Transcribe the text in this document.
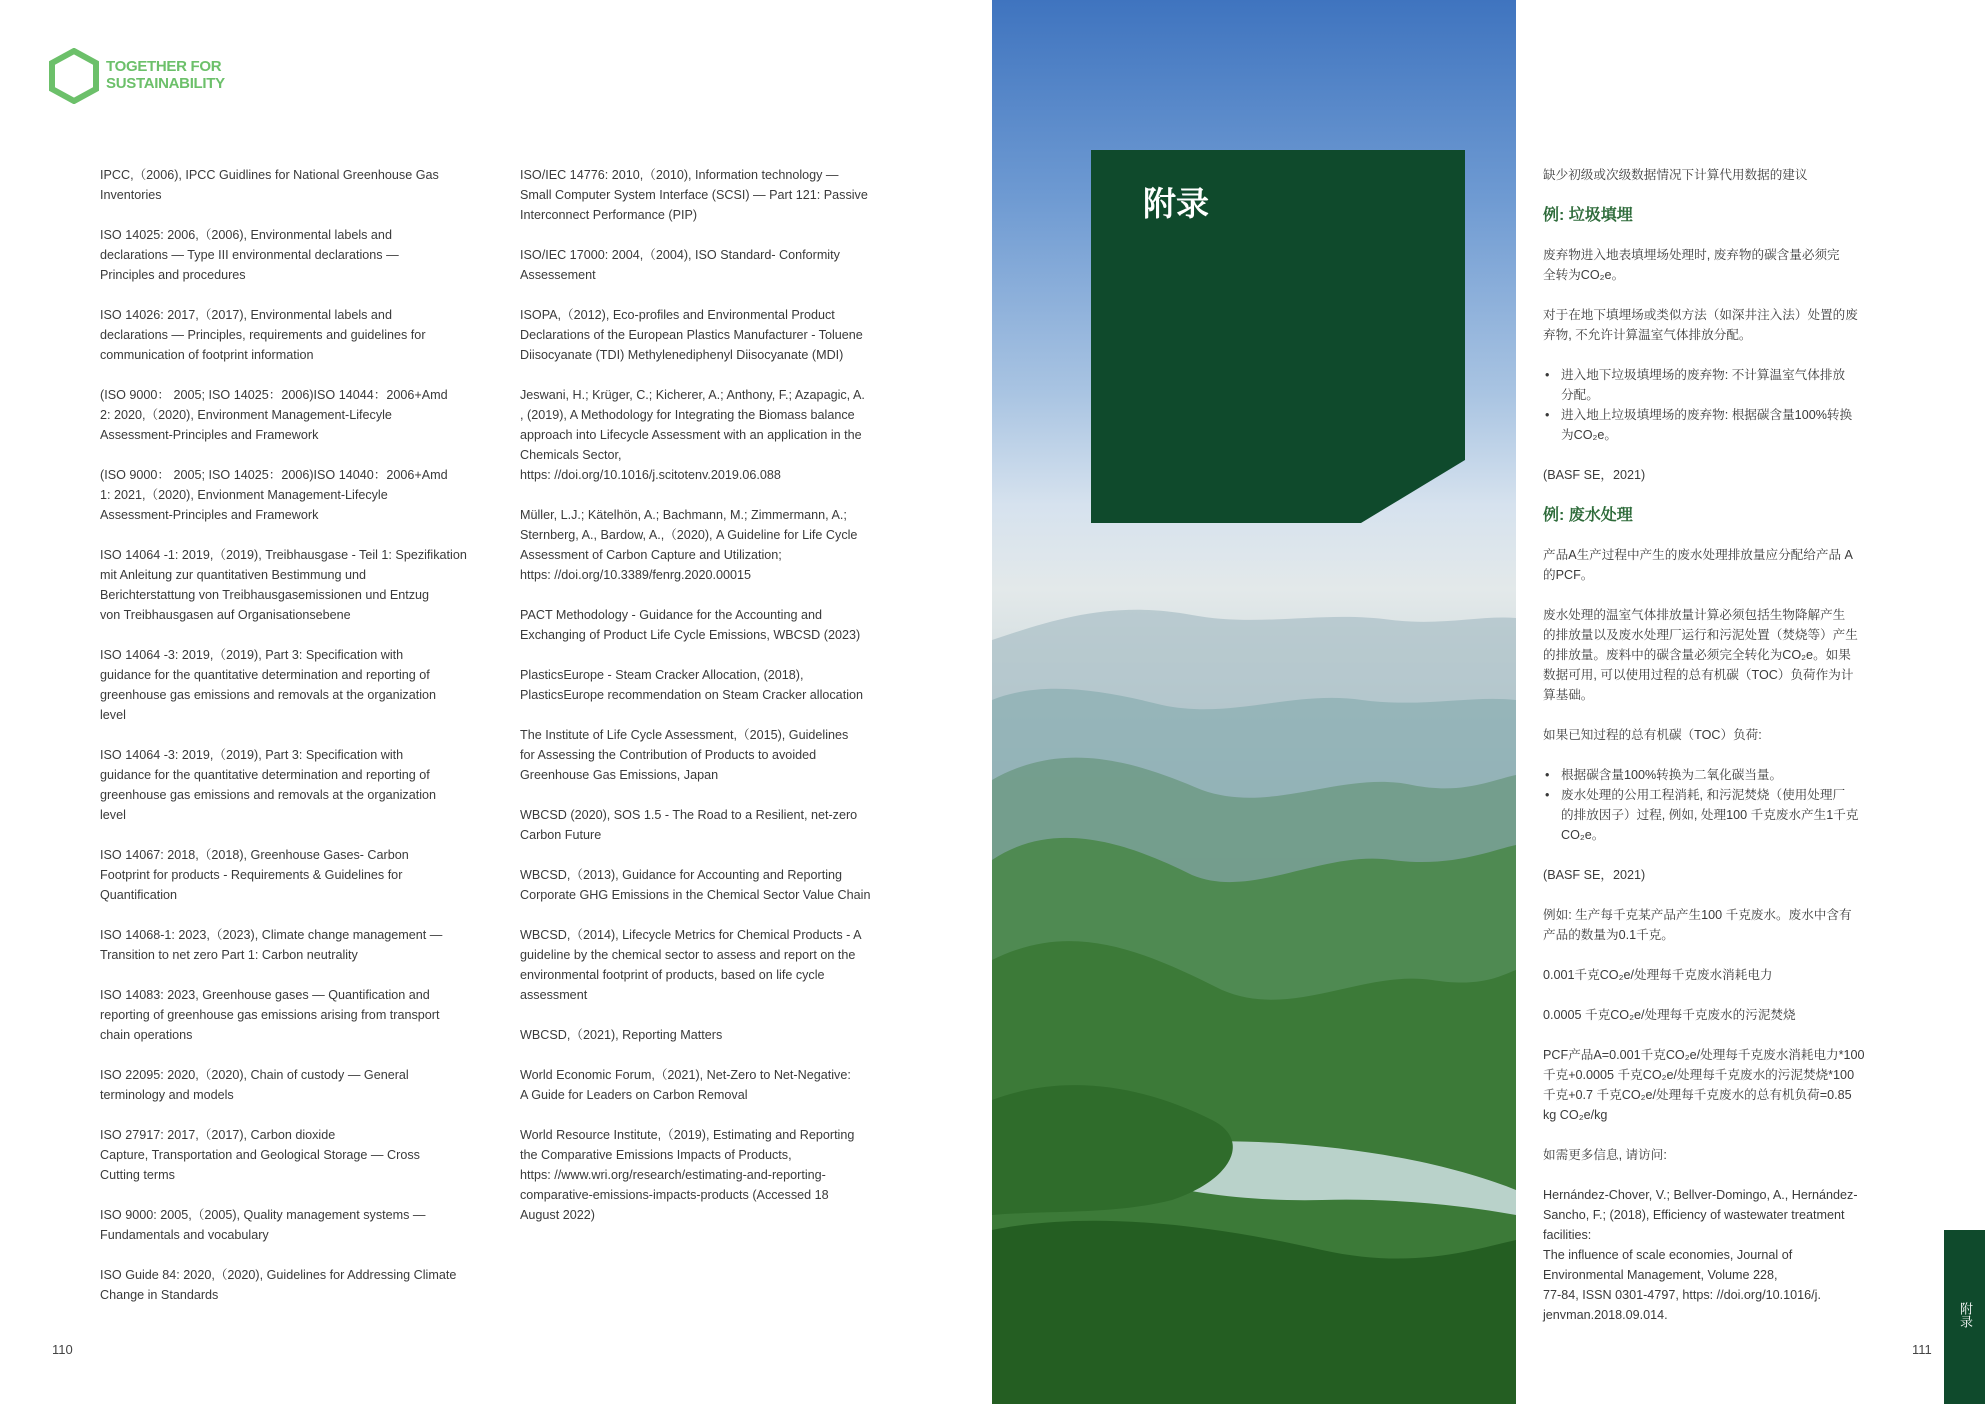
TOGETHER FOR
SUSTAINABILITY

IPCC,（2006), IPCC Guidlines for National Greenhouse Gas
Inventories

ISO 14025: 2006,（2006), Environmental labels and
declarations — Type III environmental declarations —
Principles and procedures

ISO 14026: 2017,（2017), Environmental labels and
declarations — Principles, requirements and guidelines for
communication of footprint information

(ISO 9000： 2005; ISO 14025：2006)ISO 14044：2006+Amd
2: 2020,（2020), Environment Management-Lifecyle
Assessment-Principles and Framework

(ISO 9000： 2005; ISO 14025：2006)ISO 14040：2006+Amd
1: 2021,（2020), Envionment Management-Lifecyle
Assessment-Principles and Framework

ISO 14064 -1: 2019,（2019), Treibhausgase - Teil 1: Spezifikation
mit Anleitung zur quantitativen Bestimmung und
Berichterstattung von Treibhausgasemissionen und Entzug
von Treibhausgasen auf Organisationsebene

ISO 14064 -3: 2019,（2019), Part 3: Specification with
guidance for the quantitative determination and reporting of
greenhouse gas emissions and removals at the organization
level

ISO 14064 -3: 2019,（2019), Part 3: Specification with
guidance for the quantitative determination and reporting of
greenhouse gas emissions and removals at the organization
level

ISO 14067: 2018,（2018), Greenhouse Gases- Carbon
Footprint for products - Requirements & Guidelines for
Quantification

ISO 14068-1: 2023,（2023), Climate change management —
Transition to net zero Part 1: Carbon neutrality

ISO 14083: 2023, Greenhouse gases — Quantification and
reporting of greenhouse gas emissions arising from transport
chain operations

ISO 22095: 2020,（2020), Chain of custody — General
terminology and models

ISO 27917: 2017,（2017), Carbon dioxide
Capture, Transportation and Geological Storage — Cross
Cutting terms

ISO 9000: 2005,（2005), Quality management systems —
Fundamentals and vocabulary

ISO Guide 84: 2020,（2020), Guidelines for Addressing Climate
Change in Standards

ISO/IEC 14776: 2010,（2010), Information technology —
Small Computer System Interface (SCSI) — Part 121: Passive
Interconnect Performance (PIP)

ISO/IEC 17000: 2004,（2004), ISO Standard- Conformity
Assessement

ISOPA,（2012), Eco-profiles and Environmental Product
Declarations of the European Plastics Manufacturer - Toluene
Diisocyanate (TDI) Methylenediphenyl Diisocyanate (MDI)

Jeswani, H.; Krüger, C.; Kicherer, A.; Anthony, F.; Azapagic, A.
, (2019), A Methodology for Integrating the Biomass balance
approach into Lifecycle Assessment with an application in the
Chemicals Sector,
https: //doi.org/10.1016/j.scitotenv.2019.06.088

Müller, L.J.; Kätelhön, A.; Bachmann, M.; Zimmermann, A.;
Sternberg, A., Bardow, A.,（2020), A Guideline for Life Cycle
Assessment of Carbon Capture and Utilization;
https: //doi.org/10.3389/fenrg.2020.00015

PACT Methodology - Guidance for the Accounting and
Exchanging of Product Life Cycle Emissions, WBCSD (2023)

PlasticsEurope - Steam Cracker Allocation, (2018),
PlasticsEurope recommendation on Steam Cracker allocation

The Institute of Life Cycle Assessment,（2015), Guidelines
for Assessing the Contribution of Products to avoided
Greenhouse Gas Emissions, Japan

WBCSD (2020), SOS 1.5 - The Road to a Resilient, net-zero
Carbon Future

WBCSD,（2013), Guidance for Accounting and Reporting
Corporate GHG Emissions in the Chemical Sector Value Chain

WBCSD,（2014), Lifecycle Metrics for Chemical Products - A
guideline by the chemical sector to assess and report on the
environmental footprint of products, based on life cycle
assessment

WBCSD,（2021), Reporting Matters

World Economic Forum,（2021), Net-Zero to Net-Negative:
A Guide for Leaders on Carbon Removal

World Resource Institute,（2019), Estimating and Reporting
the Comparative Emissions Impacts of Products,
https: //www.wri.org/research/estimating-and-reporting-
comparative-emissions-impacts-products (Accessed 18
August 2022)

110
附录

缺少初级或次级数据情况下计算代用数据的建议

例: 垃圾填埋

废弃物进入地表填埋场处理时, 废弃物的碳含量必须完
全转为CO₂e。

对于在地下填埋场或类似方法（如深井注入法）处置的废
弃物, 不允许计算温室气体排放分配。

• 进入地下垃圾填埋场的废弃物: 不计算温室气体排放
分配。
• 进入地上垃圾填埋场的废弃物: 根据碳含量100%转换
为CO₂e。

(BASF SE，2021)

例: 废水处理

产品A生产过程中产生的废水处理排放量应分配给产品 A
的PCF。

废水处理的温室气体排放量计算必须包括生物降解产生
的排放量以及废水处理厂运行和污泥处置（焚烧等）产生
的排放量。废料中的碳含量必须完全转化为CO₂e。如果
数据可用, 可以使用过程的总有机碳（TOC）负荷作为计
算基础。

如果已知过程的总有机碳（TOC）负荷:

• 根据碳含量100%转换为二氧化碳当量。
• 废水处理的公用工程消耗, 和污泥焚烧（使用处理厂
的排放因子）过程, 例如, 处理100 千克废水产生1千克
CO₂e。

(BASF SE，2021)

例如: 生产每千克某产品产生100 千克废水。废水中含有
产品的数量为0.1千克。

0.001千克CO₂e/处理每千克废水消耗电力

0.0005 千克CO₂e/处理每千克废水的污泥焚烧

PCF产品A=0.001千克CO₂e/处理每千克废水消耗电力*100
千克+0.0005 千克CO₂e/处理每千克废水的污泥焚烧*100
千克+0.7 千克CO₂e/处理每千克废水的总有机负荷=0.85
kg CO₂e/kg

如需更多信息, 请访问:

Hernández-Chover, V.; Bellver-Domingo, A., Hernández-
Sancho, F.; (2018), Efficiency of wastewater treatment
facilities:
The influence of scale economies, Journal of
Environmental Management, Volume 228,
77-84, ISSN 0301-4797, https: //doi.org/10.1016/j.
jenvman.2018.09.014.	附录
111
